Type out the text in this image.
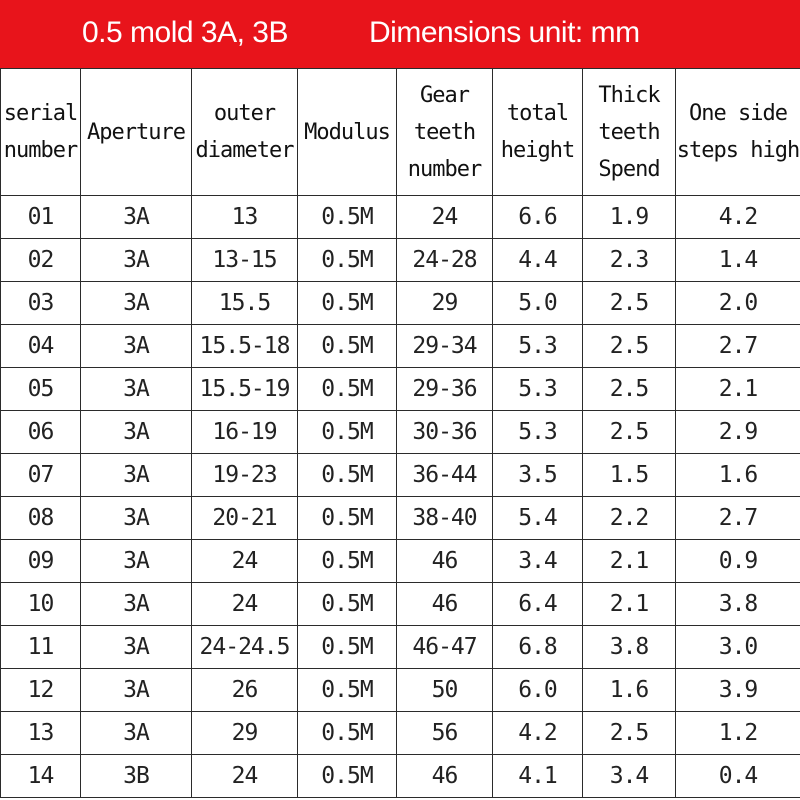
0.5 mold 3A, 3B	Dimensions unit: mm
serial number	Aperture	outer diameter	Modulus	Gear teeth number	total height	Thick teeth Spend	One side steps high
01	3A	13	0.5M	24	6.6	1.9	4.2
02	3A	13-15	0.5M	24-28	4.4	2.3	1.4
03	3A	15.5	0.5M	29	5.0	2.5	2.0
04	3A	15.5-18	0.5M	29-34	5.3	2.5	2.7
05	3A	15.5-19	0.5M	29-36	5.3	2.5	2.1
06	3A	16-19	0.5M	30-36	5.3	2.5	2.9
07	3A	19-23	0.5M	36-44	3.5	1.5	1.6
08	3A	20-21	0.5M	38-40	5.4	2.2	2.7
09	3A	24	0.5M	46	3.4	2.1	0.9
10	3A	24	0.5M	46	6.4	2.1	3.8
11	3A	24-24.5	0.5M	46-47	6.8	3.8	3.0
12	3A	26	0.5M	50	6.0	1.6	3.9
13	3A	29	0.5M	56	4.2	2.5	1.2
14	3B	24	0.5M	46	4.1	3.4	0.4
